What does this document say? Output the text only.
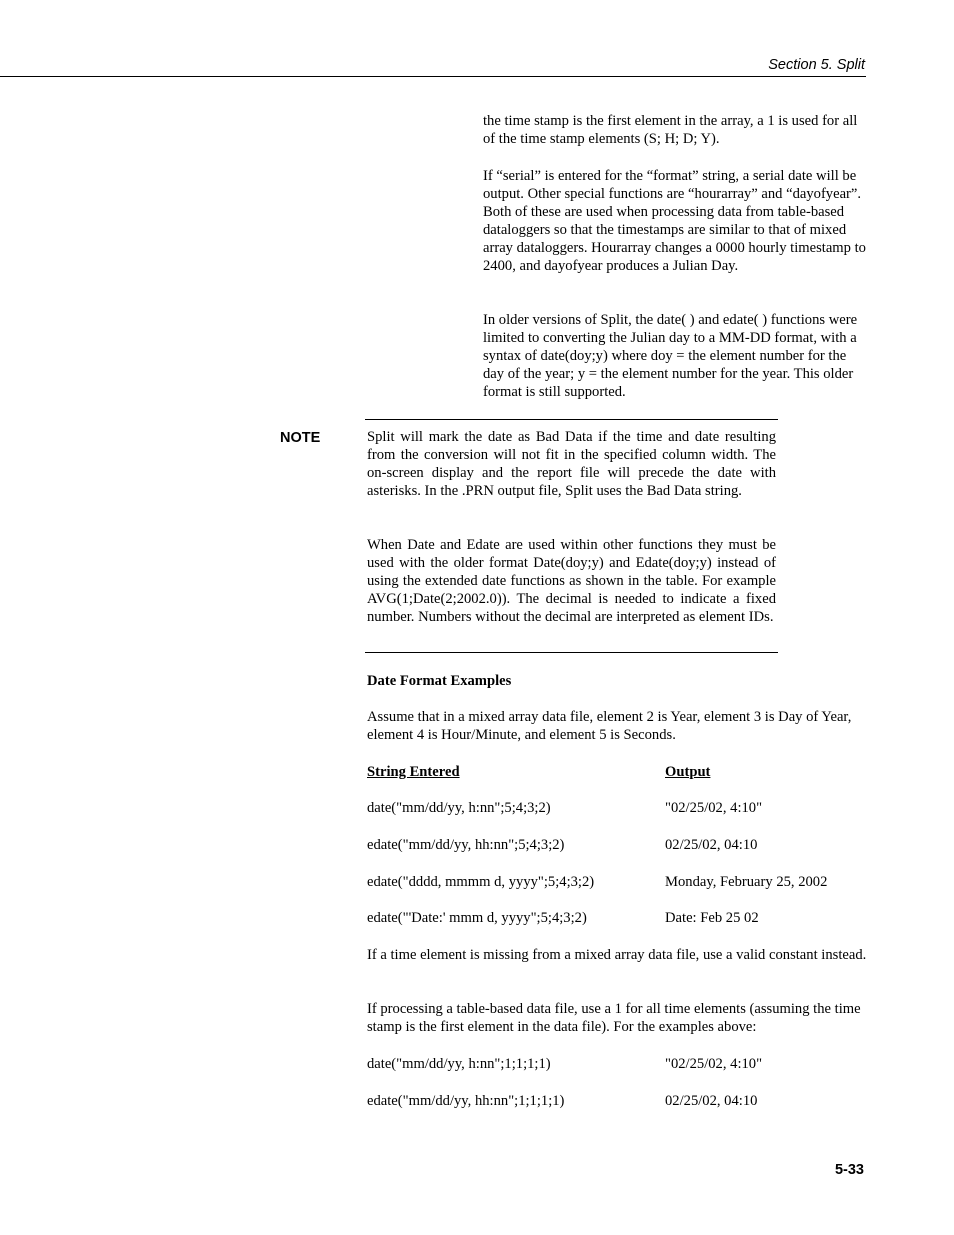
Section 5. Split

the time stamp is the first element in the array, a 1 is used for all of the time stamp elements (S; H; D; Y).

If “serial” is entered for the “format” string, a serial date will be output. Other special functions are “hourarray” and “dayofyear”. Both of these are used when processing data from table-based dataloggers so that the timestamps are similar to that of mixed array dataloggers. Hourarray changes a 0000 hourly timestamp to 2400, and dayofyear produces a Julian Day.

In older versions of Split, the date( ) and edate( ) functions were limited to converting the Julian day to a MM-DD format, with a syntax of date(doy;y) where doy = the element number for the day of the year; y = the element number for the year. This older format is still supported.

NOTE	Split will mark the date as Bad Data if the time and date resulting from the conversion will not fit in the specified column width. The on-screen display and the report file will precede the date with asterisks. In the .PRN output file, Split uses the Bad Data string.

When Date and Edate are used within other functions they must be used with the older format Date(doy;y) and Edate(doy;y) instead of using the extended date functions as shown in the table. For example AVG(1;Date(2;2002.0)). The decimal is needed to indicate a fixed number. Numbers without the decimal are interpreted as element IDs.

Date Format Examples

Assume that in a mixed array data file, element 2 is Year, element 3 is Day of Year, element 4 is Hour/Minute, and element 5 is Seconds.

String Entered	Output
date("mm/dd/yy, h:nn";5;4;3;2)	"02/25/02, 4:10"
edate("mm/dd/yy, hh:nn";5;4;3;2)	02/25/02, 04:10
edate("dddd, mmmm d, yyyy";5;4;3;2)	Monday, February 25, 2002
edate("'Date:' mmm d, yyyy";5;4;3;2)	Date: Feb 25 02

If a time element is missing from a mixed array data file, use a valid constant instead.

If processing a table-based data file, use a 1 for all time elements (assuming the time stamp is the first element in the data file). For the examples above:

date("mm/dd/yy, h:nn";1;1;1;1)	"02/25/02, 4:10"
edate("mm/dd/yy, hh:nn";1;1;1;1)	02/25/02, 04:10
5-33
